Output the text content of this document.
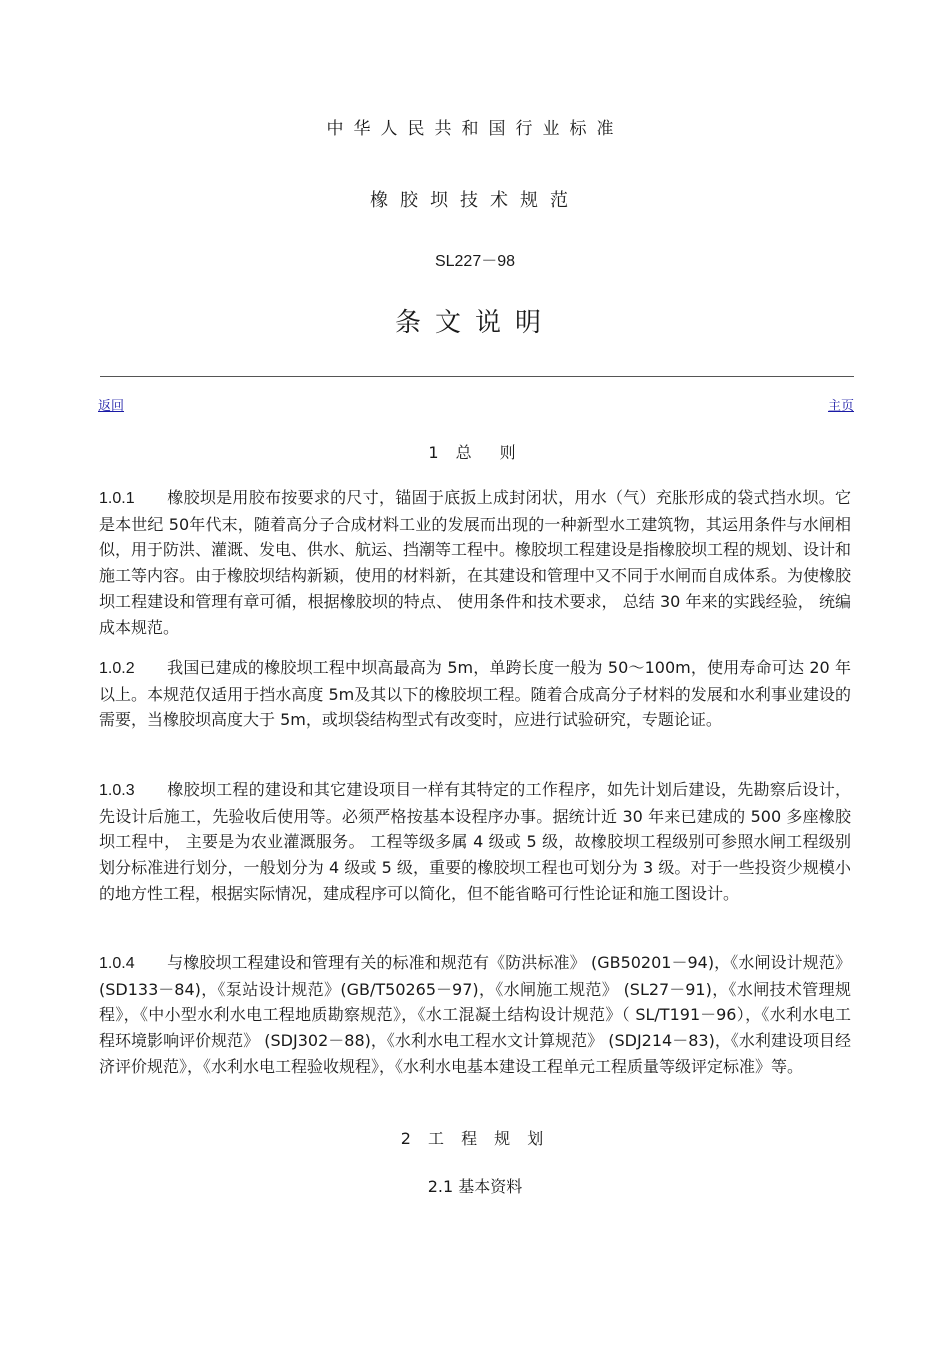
中华人民共和国行业标准
橡胶坝技术规范
SL227－98
条文说明
返回	主页
1 总　则

1.0.1 橡胶坝是用胶布按要求的尺寸，锚固于底扳上成封闭状，用水（气）充胀形成的袋式挡水坝。它是本世纪 50年代末，随着高分子合成材料工业的发展而出现的一种新型水工建筑物，其运用条件与水闸相似，用于防洪、灌溉、发电、供水、航运、挡潮等工程中。橡胶坝工程建设是指橡胶坝工程的规划、设计和施工等内容。由于橡胶坝结构新颖，使用的材料新，在其建设和管理中又不同于水闸而自成体系。为使橡胶坝工程建设和管理有章可循，根据橡胶坝的特点、 使用条件和技术要求， 总结 30 年来的实践经验， 统编成本规范。

1.0.2 我国已建成的橡胶坝工程中坝高最高为 5m，单跨长度一般为 50～100m，使用寿命可达 20 年以上。本规范仅适用于挡水高度 5m及其以下的橡胶坝工程。随着合成高分子材料的发展和水利事业建设的需要，当橡胶坝高度大于 5m，或坝袋结构型式有改变时，应进行试验研究，专题论证。

1.0.3 橡胶坝工程的建设和其它建设项目一样有其特定的工作程序，如先计划后建设，先勘察后设计，先设计后施工，先验收后使用等。必须严格按基本设程序办事。据统计近 30 年来已建成的 500 多座橡胶坝工程中， 主要是为农业灌溉服务。 工程等级多属 4 级或 5 级，故橡胶坝工程级别可参照水闸工程级别划分标准进行划分，一般划分为 4 级或 5 级，重要的橡胶坝工程也可划分为 3 级。对于一些投资少规模小的地方性工程，根据实际情况，建成程序可以简化，但不能省略可行性论证和施工图设计。

1.0.4 与橡胶坝工程建设和管理有关的标准和规范有《防洪标准》 (GB50201－94)，《水闸设计规范》 (SD133－84)，《泵站设计规范》(GB/T50265－97)，《水闸施工规范》 (SL27－91)，《水闸技术管理规程》，《中小型水利水电工程地质勘察规范》，《水工混凝土结构设计规范》（ SL/T191－96），《水利水电工程环境影响评价规范》 (SDJ302－88)，《水利水电工程水文计算规范》 (SDJ214－83)，《水利建设项目经济评价规范》，《水利水电工程验收规程》，《水利水电基本建设工程单元工程质量等级评定标准》等。

2 工 程 规 划
2.1 基本资料
